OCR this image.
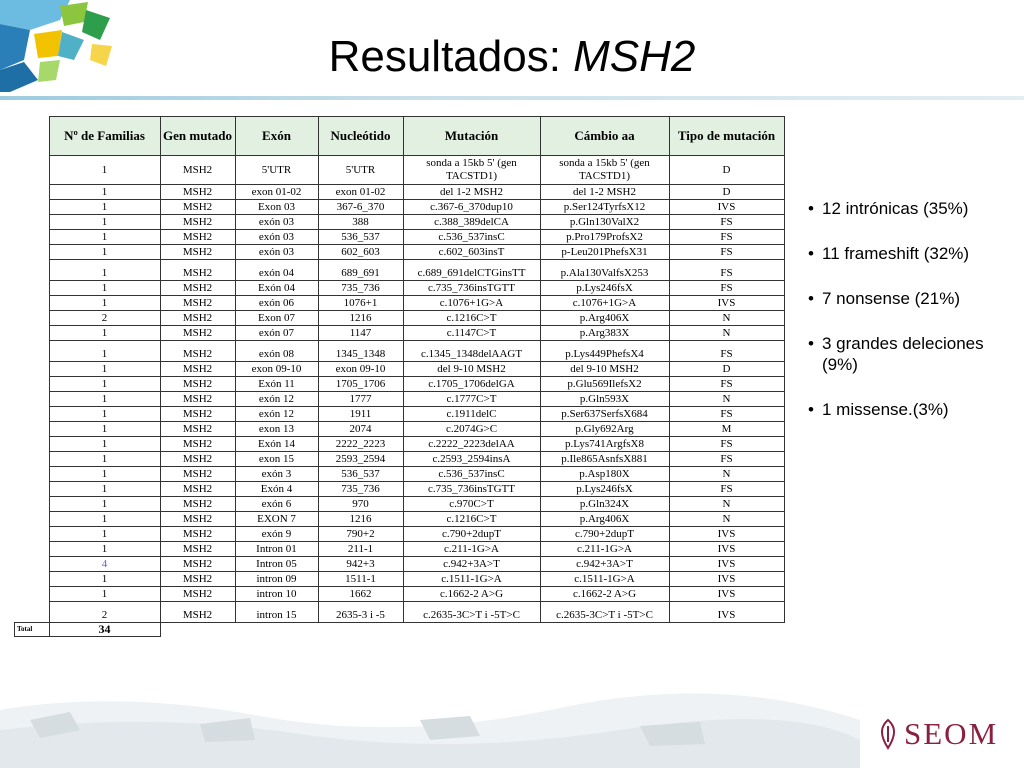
Resultados: MSH2
	Nº de Familias	Gen mutado	Exón	Nucleótido	Mutación	Cámbio aa	Tipo de mutación
	1	MSH2	5'UTR	5'UTR	sonda a 15kb 5' (gen TACSTD1)	sonda a 15kb 5' (gen TACSTD1)	D
	1	MSH2	exon 01-02	exon 01-02	del 1-2 MSH2	del 1-2 MSH2	D
	1	MSH2	Exon 03	367-6_370	c.367-6_370dup10	p.Ser124TyrfsX12	IVS
	1	MSH2	exón 03	388	c.388_389delCA	p.Gln130ValX2	FS
	1	MSH2	exón 03	536_537	c.536_537insC	p.Pro179ProfsX2	FS
	1	MSH2	exón 03	602_603	c.602_603insT	p-Leu201PhefsX31	FS
	1	MSH2	exón 04	689_691	c.689_691delCTGinsTT	p.Ala130ValfsX253	FS
	1	MSH2	Exón 04	735_736	c.735_736insTGTT	p.Lys246fsX	FS
	1	MSH2	exón 06	1076+1	c.1076+1G>A	c.1076+1G>A	IVS
	2	MSH2	Exon 07	1216	c.1216C>T	p.Arg406X	N
	1	MSH2	exón 07	1147	c.1147C>T	p.Arg383X	N
	1	MSH2	exón 08	1345_1348	c.1345_1348delAAGT	p.Lys449PhefsX4	FS
	1	MSH2	exon 09-10	exon 09-10	del 9-10 MSH2	del 9-10 MSH2	D
	1	MSH2	Exón 11	1705_1706	c.1705_1706delGA	p.Glu569IlefsX2	FS
	1	MSH2	exón 12	1777	c.1777C>T	p.Gln593X	N
	1	MSH2	exón 12	1911	c.1911delC	p.Ser637SerfsX684	FS
	1	MSH2	exon 13	2074	c.2074G>C	p.Gly692Arg	M
	1	MSH2	Exón 14	2222_2223	c.2222_2223delAA	p.Lys741ArgfsX8	FS
	1	MSH2	exon 15	2593_2594	c.2593_2594insA	p.Ile865AsnfsX881	FS
	1	MSH2	exón 3	536_537	c.536_537insC	p.Asp180X	N
	1	MSH2	Exón 4	735_736	c.735_736insTGTT	p.Lys246fsX	FS
	1	MSH2	exón 6	970	c.970C>T	p.Gln324X	N
	1	MSH2	EXON 7	1216	c.1216C>T	p.Arg406X	N
	1	MSH2	exón 9	790+2	c.790+2dupT	c.790+2dupT	IVS
	1	MSH2	Intron 01	211-1	c.211-1G>A	c.211-1G>A	IVS
	4	MSH2	Intron 05	942+3	c.942+3A>T	c.942+3A>T	IVS
	1	MSH2	intron 09	1511-1	c.1511-1G>A	c.1511-1G>A	IVS
	1	MSH2	intron 10	1662	c.1662-2 A>G	c.1662-2 A>G	IVS
	2	MSH2	intron 15	2635-3 i -5	c.2635-3C>T i -5T>C	c.2635-3C>T i -5T>C	IVS
Total	34						
• 12 intrónicas (35%)
• 11 frameshift (32%)
• 7 nonsense (21%)
• 3 grandes deleciones (9%)
• 1 missense.(3%)
SEOM
